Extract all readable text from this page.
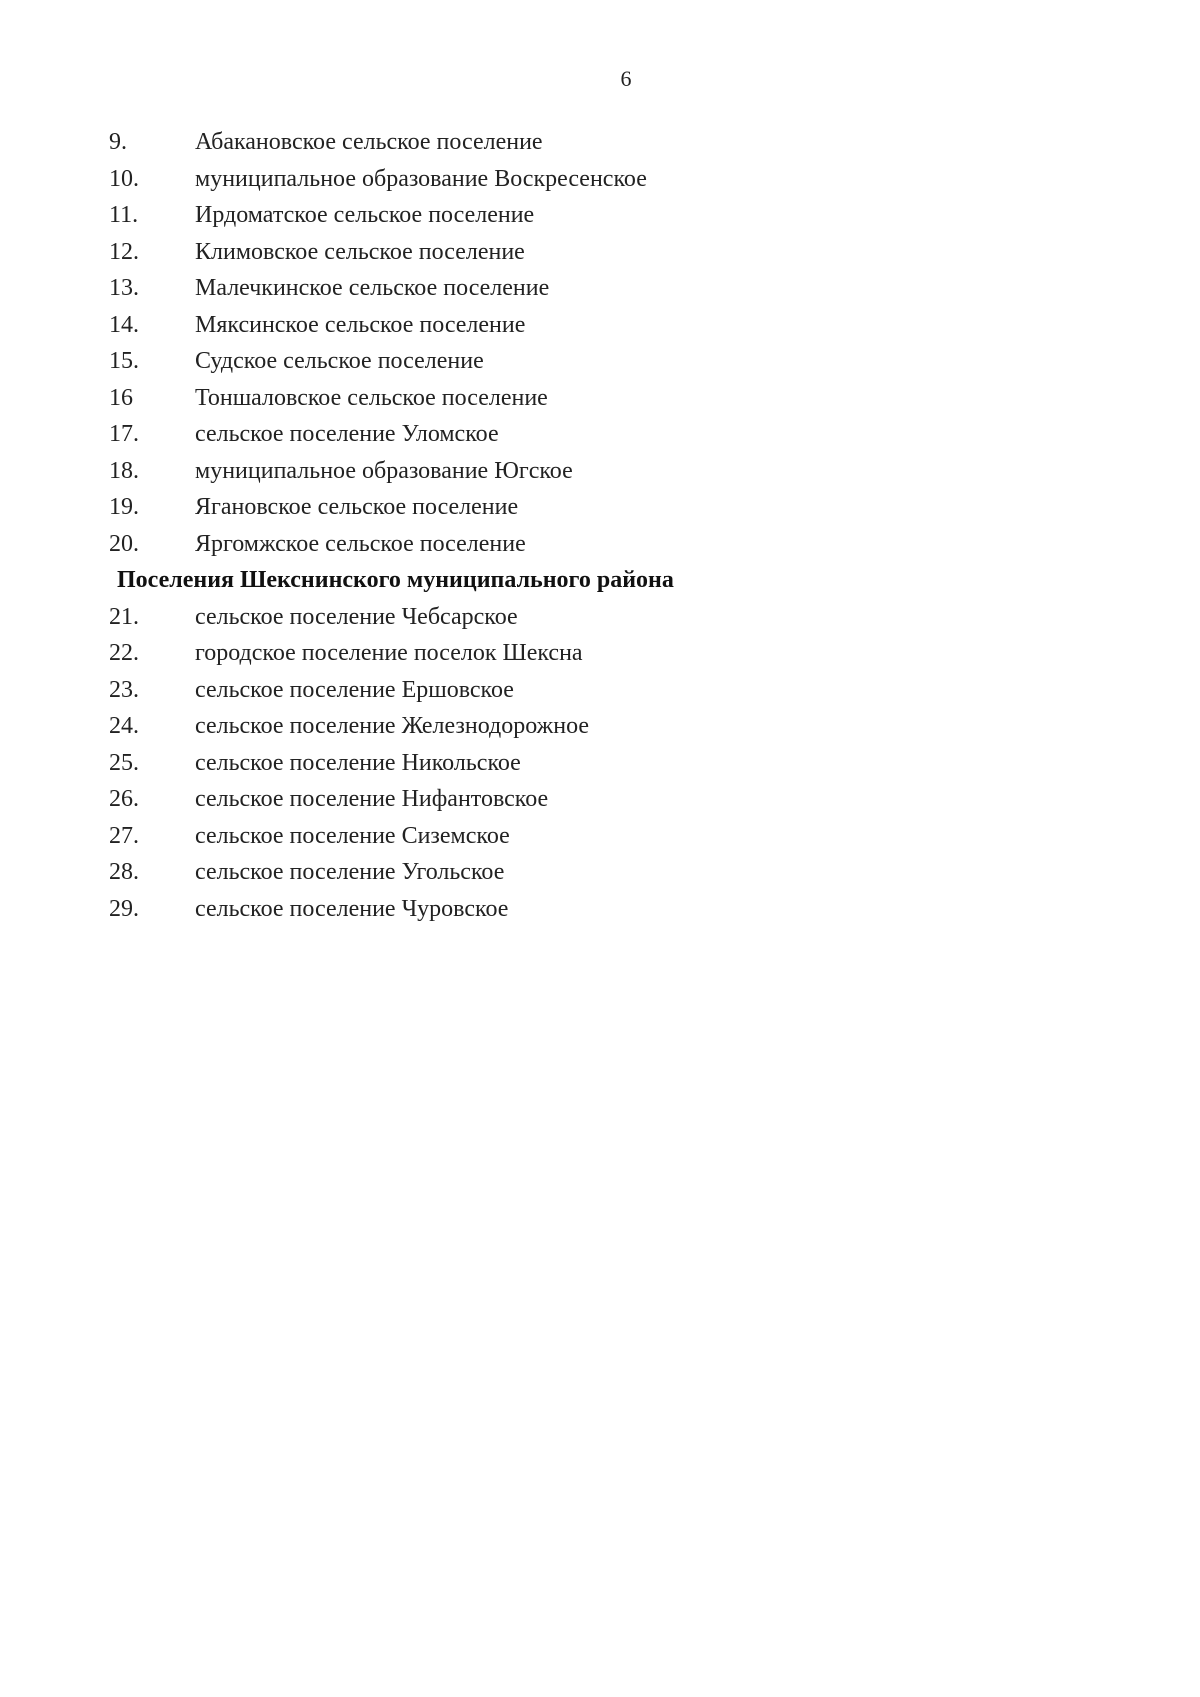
6
9.	Абакановское сельское поселение
10. муниципальное образование Воскресенское
11. Ирдоматское сельское поселение
12. Климовское сельское поселение
13. Малечкинское сельское поселение
14. Мяксинское сельское поселение
15. Судское сельское поселение
16	Тоншаловское сельское поселение
17. сельское поселение Уломское
18. муниципальное образование Югское
19. Ягановское сельское поселение
20. Яргомжское сельское поселение
Поселения Шекснинского муниципального района
21. сельское поселение Чебсарское
22. городское поселение поселок Шексна
23. сельское поселение Ершовское
24. сельское поселение Железнодорожное
25. сельское поселение Никольское
26. сельское поселение Нифантовское
27. сельское поселение Сиземское
28. сельское поселение Угольское
29. сельское поселение Чуровское
